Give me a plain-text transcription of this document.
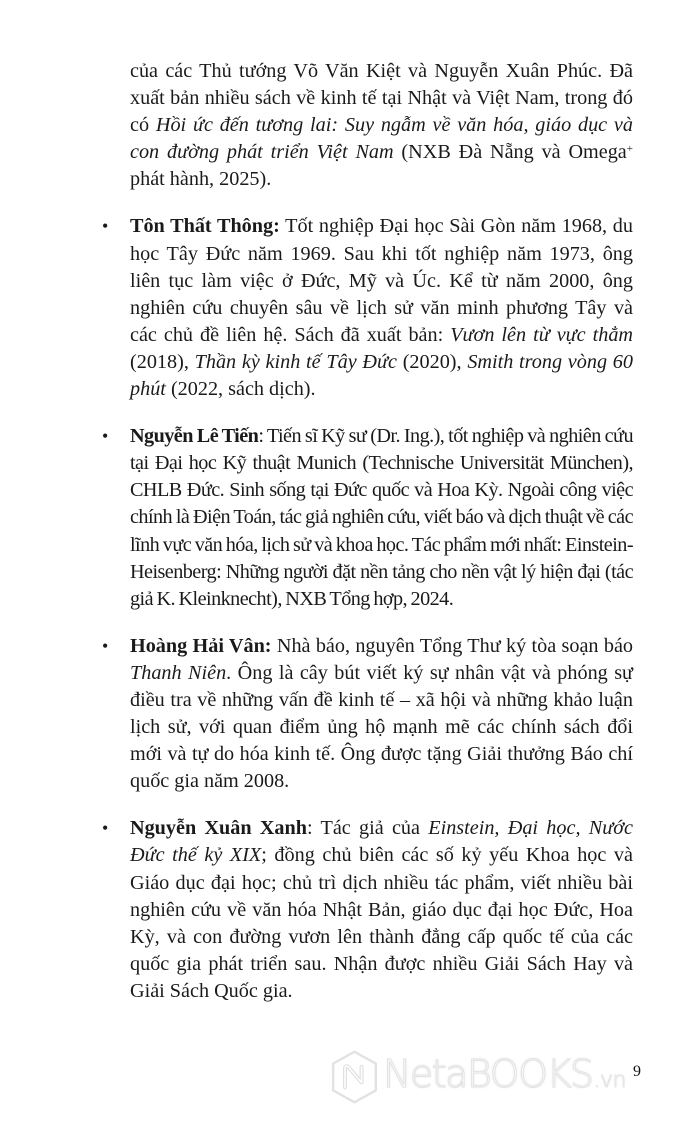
của các Thủ tướng Võ Văn Kiệt và Nguyễn Xuân Phúc. Đã xuất bản nhiều sách về kinh tế tại Nhật và Việt Nam, trong đó có Hồi ức đến tương lai: Suy ngẫm về văn hóa, giáo dục và con đường phát triển Việt Nam (NXB Đà Nẵng và Omega+ phát hành, 2025).

• Tôn Thất Thông: Tốt nghiệp Đại học Sài Gòn năm 1968, du học Tây Đức năm 1969. Sau khi tốt nghiệp năm 1973, ông liên tục làm việc ở Đức, Mỹ và Úc. Kể từ năm 2000, ông nghiên cứu chuyên sâu về lịch sử văn minh phương Tây và các chủ đề liên hệ. Sách đã xuất bản: Vươn lên từ vực thẳm (2018), Thần kỳ kinh tế Tây Đức (2020), Smith trong vòng 60 phút (2022, sách dịch).

• Nguyễn Lê Tiến: Tiến sĩ Kỹ sư (Dr. Ing.), tốt nghiệp và nghiên cứu tại Đại học Kỹ thuật Munich (Technische Universität München), CHLB Đức. Sinh sống tại Đức quốc và Hoa Kỳ. Ngoài công việc chính là Điện Toán, tác giả nghiên cứu, viết báo và dịch thuật về các lĩnh vực văn hóa, lịch sử và khoa học. Tác phẩm mới nhất: Einstein-Heisenberg: Những người đặt nền tảng cho nền vật lý hiện đại (tác giả K. Kleinknecht), NXB Tổng hợp, 2024.

• Hoàng Hải Vân: Nhà báo, nguyên Tổng Thư ký tòa soạn báo Thanh Niên. Ông là cây bút viết ký sự nhân vật và phóng sự điều tra về những vấn đề kinh tế – xã hội và những khảo luận lịch sử, với quan điểm ủng hộ mạnh mẽ các chính sách đổi mới và tự do hóa kinh tế. Ông được tặng Giải thưởng Báo chí quốc gia năm 2008.

• Nguyễn Xuân Xanh: Tác giả của Einstein, Đại học, Nước Đức thế kỷ XIX; đồng chủ biên các số kỷ yếu Khoa học và Giáo dục đại học; chủ trì dịch nhiều tác phẩm, viết nhiều bài nghiên cứu về văn hóa Nhật Bản, giáo dục đại học Đức, Hoa Kỳ, và con đường vươn lên thành đẳng cấp quốc tế của các quốc gia phát triển sau. Nhận được nhiều Giải Sách Hay và Giải Sách Quốc gia.

NetaBOOKS.vn 9
